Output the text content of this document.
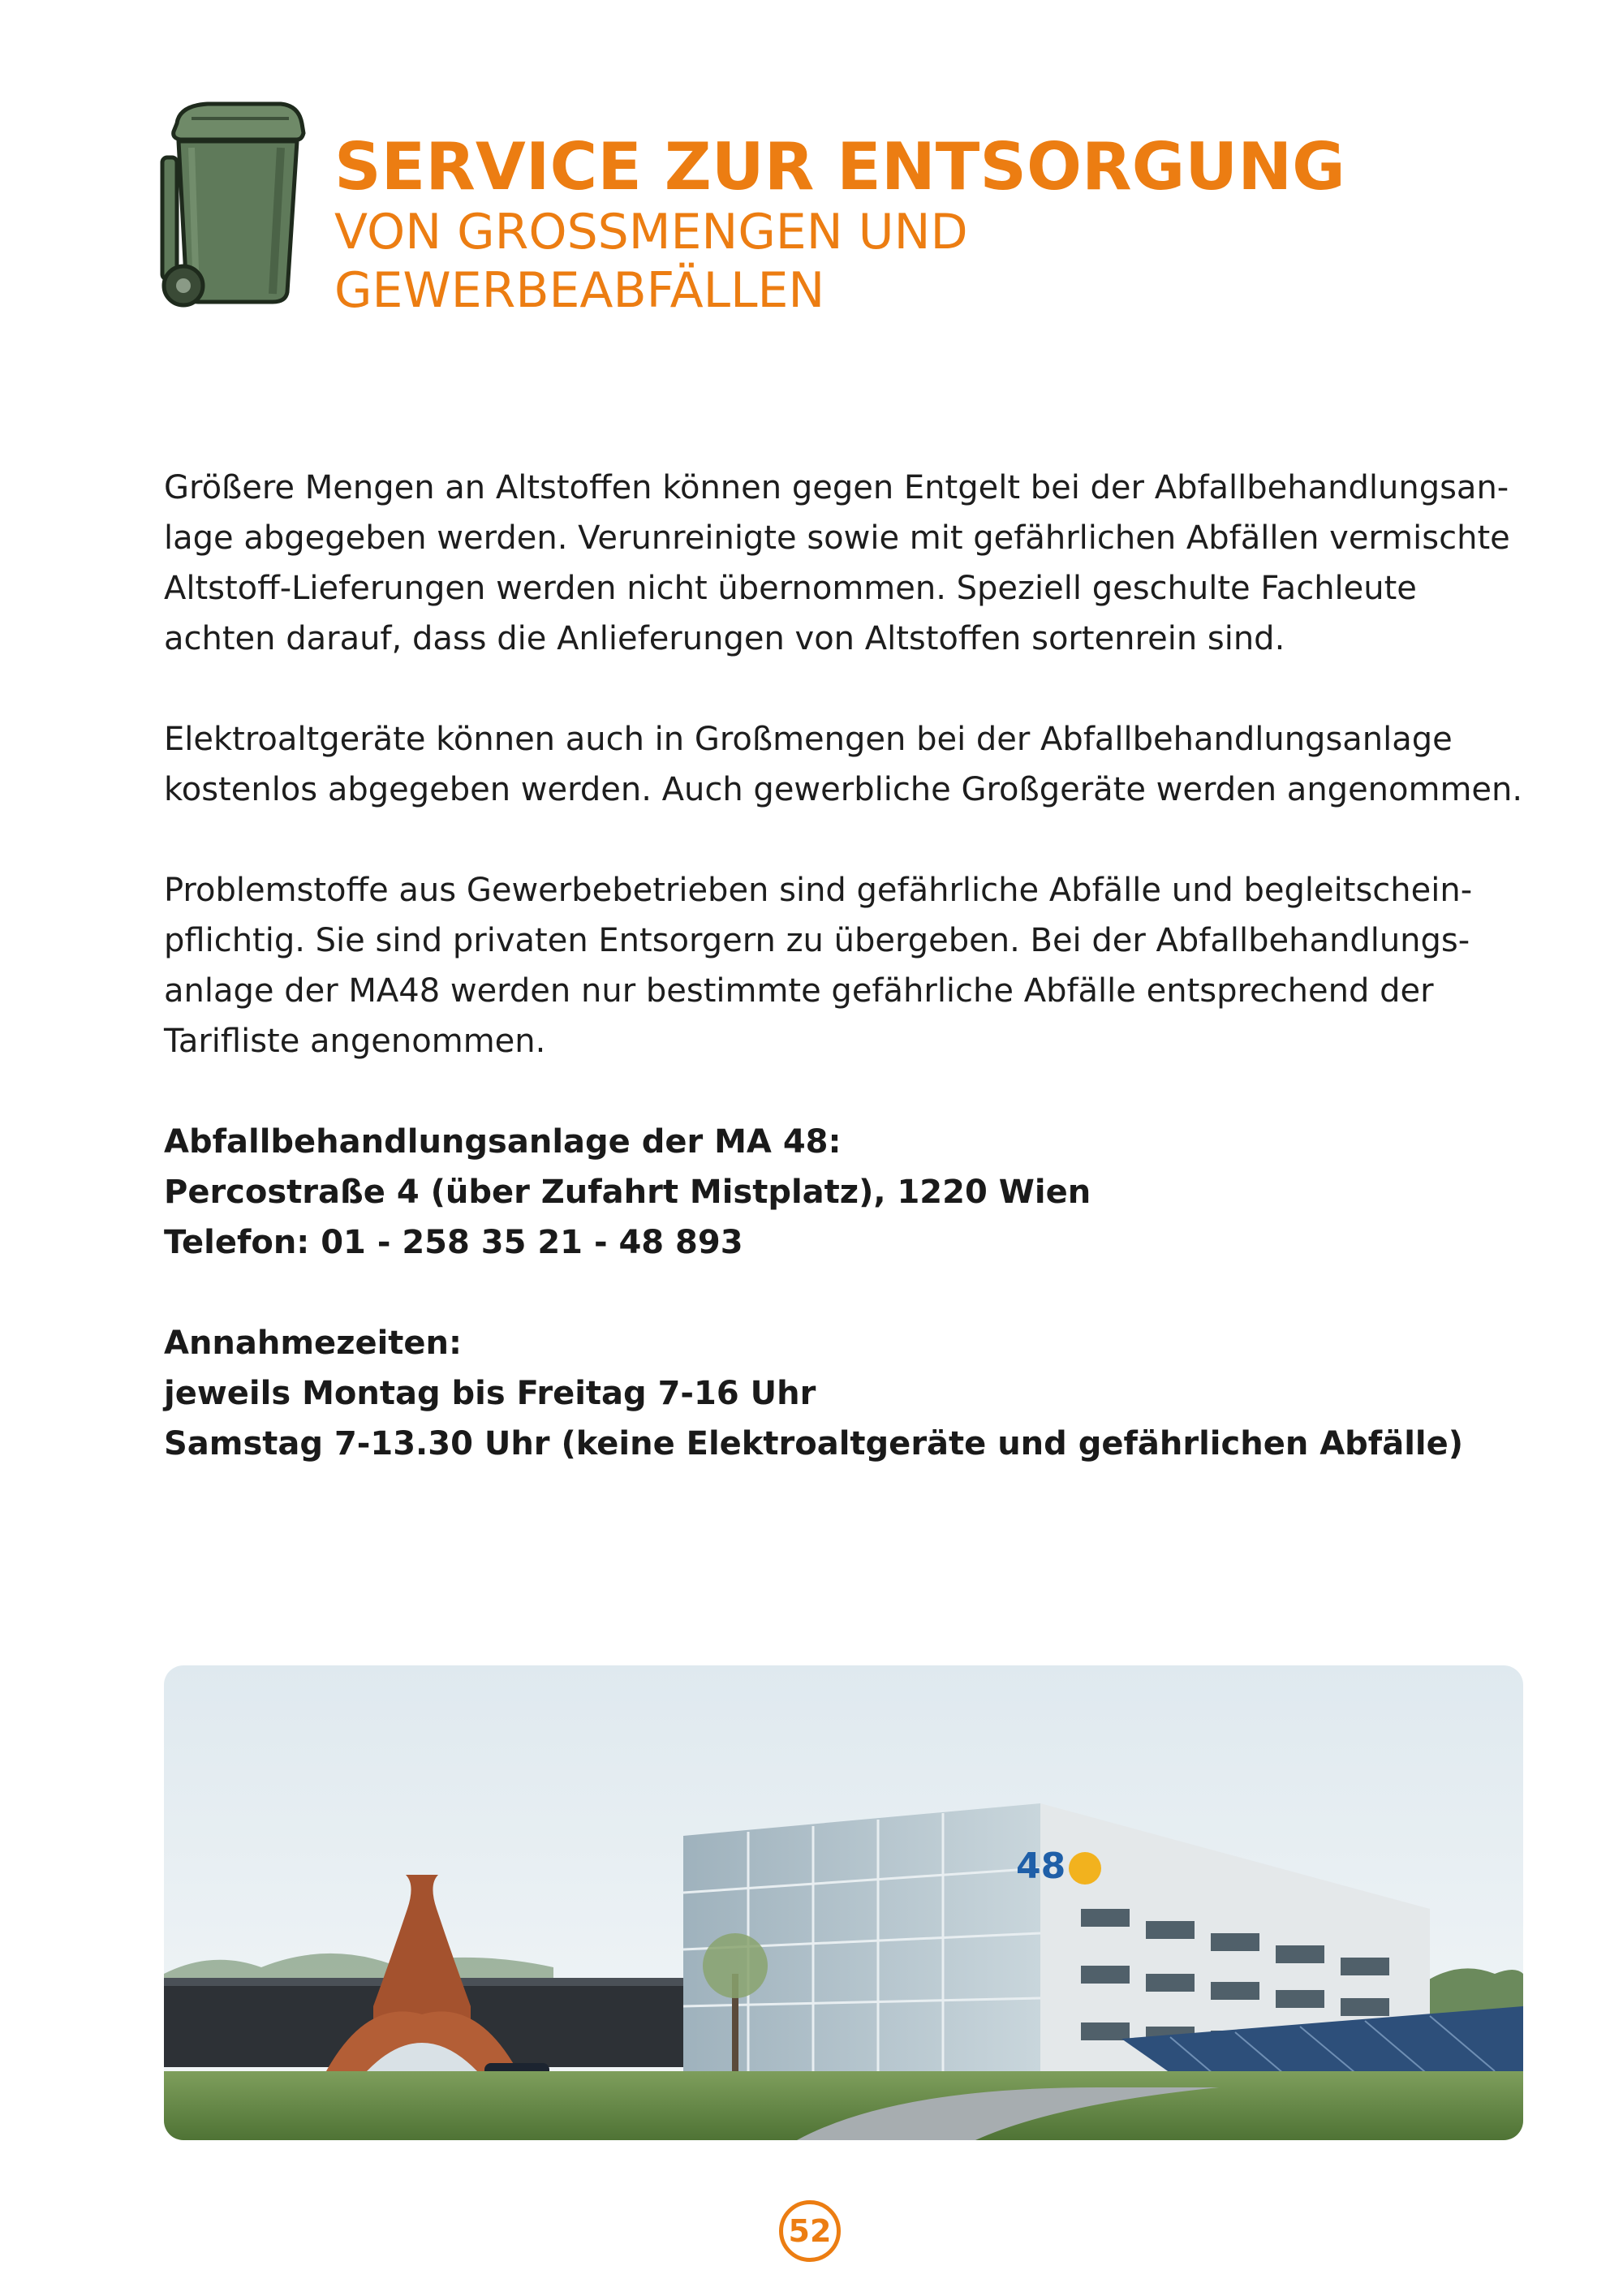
SERVICE ZUR ENTSORGUNG
VON GROSSMENGEN UND
GEWERBEABFÄLLEN

Größere Mengen an Altstoffen können gegen Entgelt bei der Abfallbehandlungsan-lage abgegeben werden. Verunreinigte sowie mit gefährlichen Abfällen vermischte Altstoff-Lieferungen werden nicht übernommen. Speziell geschulte Fachleute achten darauf, dass die Anlieferungen von Altstoffen sortenrein sind.

Elektroaltgeräte können auch in Großmengen bei der Abfallbehandlungsanlage kostenlos abgegeben werden. Auch gewerbliche Großgeräte werden angenommen.

Problemstoffe aus Gewerbebetrieben sind gefährliche Abfälle und begleitschein-pflichtig. Sie sind privaten Entsorgern zu übergeben. Bei der Abfallbehandlungs-anlage der MA48 werden nur bestimmte gefährliche Abfälle entsprechend der Tarifliste angenommen.

Abfallbehandlungsanlage der MA 48:
Percostraße 4 (über Zufahrt Mistplatz), 1220 Wien
Telefon: 01 - 258 35 21 - 48 893
Annahmezeiten:
jeweils Montag bis Freitag 7-16 Uhr
Samstag 7-13.30 Uhr (keine Elektroaltgeräte und gefährlichen Abfälle)
48
52
